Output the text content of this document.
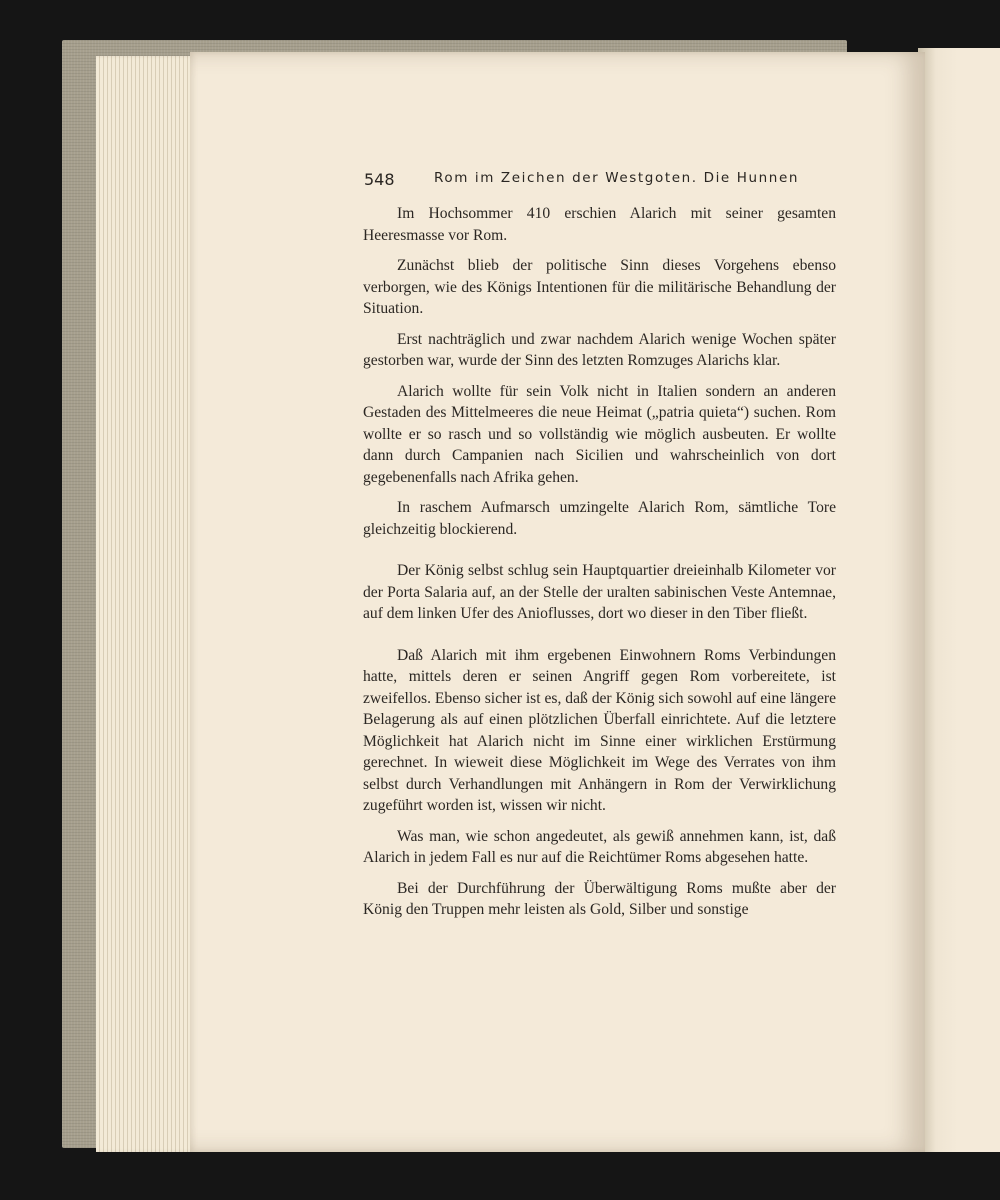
548	Rom im Zeichen der Westgoten. Die Hunnen

Im Hochsommer 410 erschien Alarich mit seiner gesamten Heeresmasse vor Rom.

Zunächst blieb der politische Sinn dieses Vorgehens ebenso verborgen, wie des Königs Intentionen für die militärische Behandlung der Situation.

Erst nachträglich und zwar nachdem Alarich wenige Wochen später gestorben war, wurde der Sinn des letzten Romzuges Alarichs klar.

Alarich wollte für sein Volk nicht in Italien sondern an anderen Gestaden des Mittelmeeres die neue Heimat („patria quieta“) suchen. Rom wollte er so rasch und so vollständig wie möglich ausbeuten. Er wollte dann durch Campanien nach Sicilien und wahrscheinlich von dort gegebenenfalls nach Afrika gehen.

In raschem Aufmarsch umzingelte Alarich Rom, sämtliche Tore gleichzeitig blockierend.

Der König selbst schlug sein Hauptquartier dreieinhalb Kilometer vor der Porta Salaria auf, an der Stelle der uralten sabinischen Veste Antemnae, auf dem linken Ufer des Anioflusses, dort wo dieser in den Tiber fließt.

Daß Alarich mit ihm ergebenen Einwohnern Roms Verbindungen hatte, mittels deren er seinen Angriff gegen Rom vorbereitete, ist zweifellos. Ebenso sicher ist es, daß der König sich sowohl auf eine längere Belagerung als auf einen plötzlichen Überfall einrichtete. Auf die letztere Möglichkeit hat Alarich nicht im Sinne einer wirklichen Erstürmung gerechnet. In wieweit diese Möglichkeit im Wege des Verrates von ihm selbst durch Verhandlungen mit Anhängern in Rom der Verwirklichung zugeführt worden ist, wissen wir nicht.

Was man, wie schon angedeutet, als gewiß annehmen kann, ist, daß Alarich in jedem Fall es nur auf die Reichtümer Roms abgesehen hatte.

Bei der Durchführung der Überwältigung Roms mußte aber der König den Truppen mehr leisten als Gold, Silber und sonstige
